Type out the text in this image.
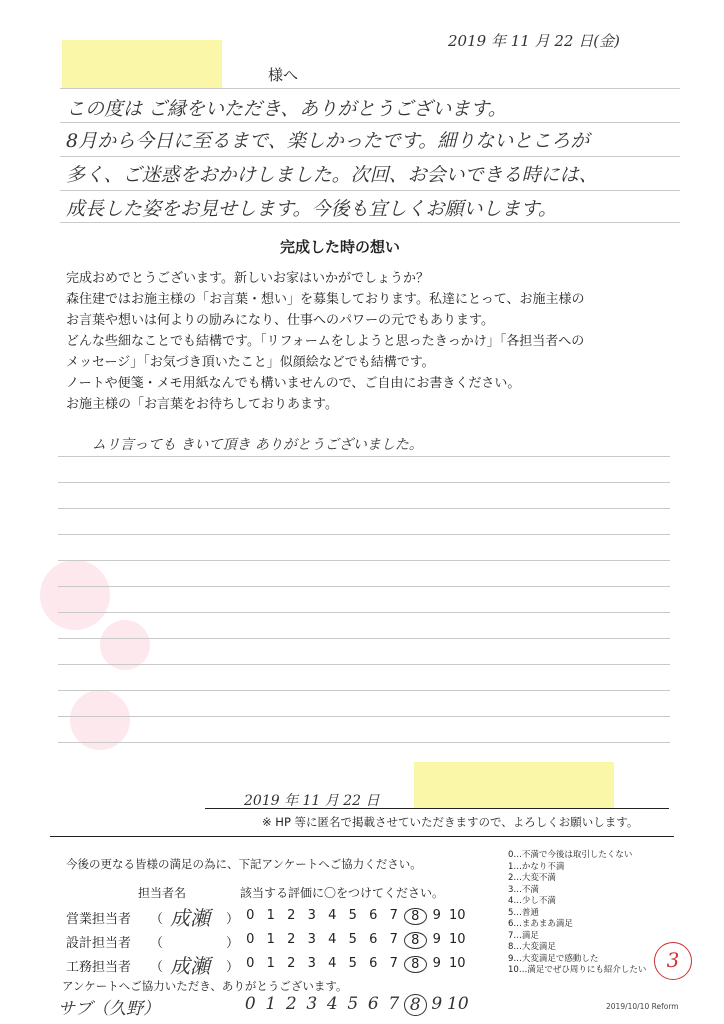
2019 年 11 月 22 日(金)
様へ
この度は ご縁をいただき、ありがとうございます。
8月から今日に至るまで、楽しかったです。細りないところが
多く、ご迷惑をおかけしました。次回、お会いできる時には、
成長した姿をお見せします。今後も宜しくお願いします。
完成した時の想い
完成おめでとうございます。新しいお家はいかがでしょうか？
森住建ではお施主様の「お言葉・想い」を募集しております。私達にとって、お施主様の
お言葉や想いは何よりの励みになり、仕事へのパワーの元でもあります。
どんな些細なことでも結構です。「リフォームをしようと思ったきっかけ」「各担当者への
メッセージ」「お気づき頂いたこと」似顔絵などでも結構です。
ノートや便箋・メモ用紙なんでも構いませんので、ご自由にお書きください。
お施主様の「お言葉をお待ちしておりあます。
ムリ言っても きいて頂き ありがとうございました。
2019 年 11 月 22 日
※ HP 等に匿名で掲載させていただきますので、よろしくお願いします。
今後の更なる皆様の満足の為に、下記アンケートへご協力ください。
担当者名	該当する評価に〇をつけてください。
営業担当者 （ 成瀬 ） 0 1 2 3 4 5 6 7	8	9 10
設計担当者 （	） 0 1 2 3 4 5 6 7	8	9 10
工務担当者 （ 成瀬 ） 0 1 2 3 4 5 6 7	8	9 10
アンケートへご協力いただき、ありがとうございます。
サブ（久野）	0 1 2 3 4 5 6 7 8 9 10
0…不満で今後は取引したくない
1…かなり不満
2…大変不満
3…不満
4…少し不満
5…普通
6…まあまあ満足
7…満足
8…大変満足
9…大変満足で感動した
10…満足でぜひ周りにも紹介したい	3
2019/10/10 Reform
